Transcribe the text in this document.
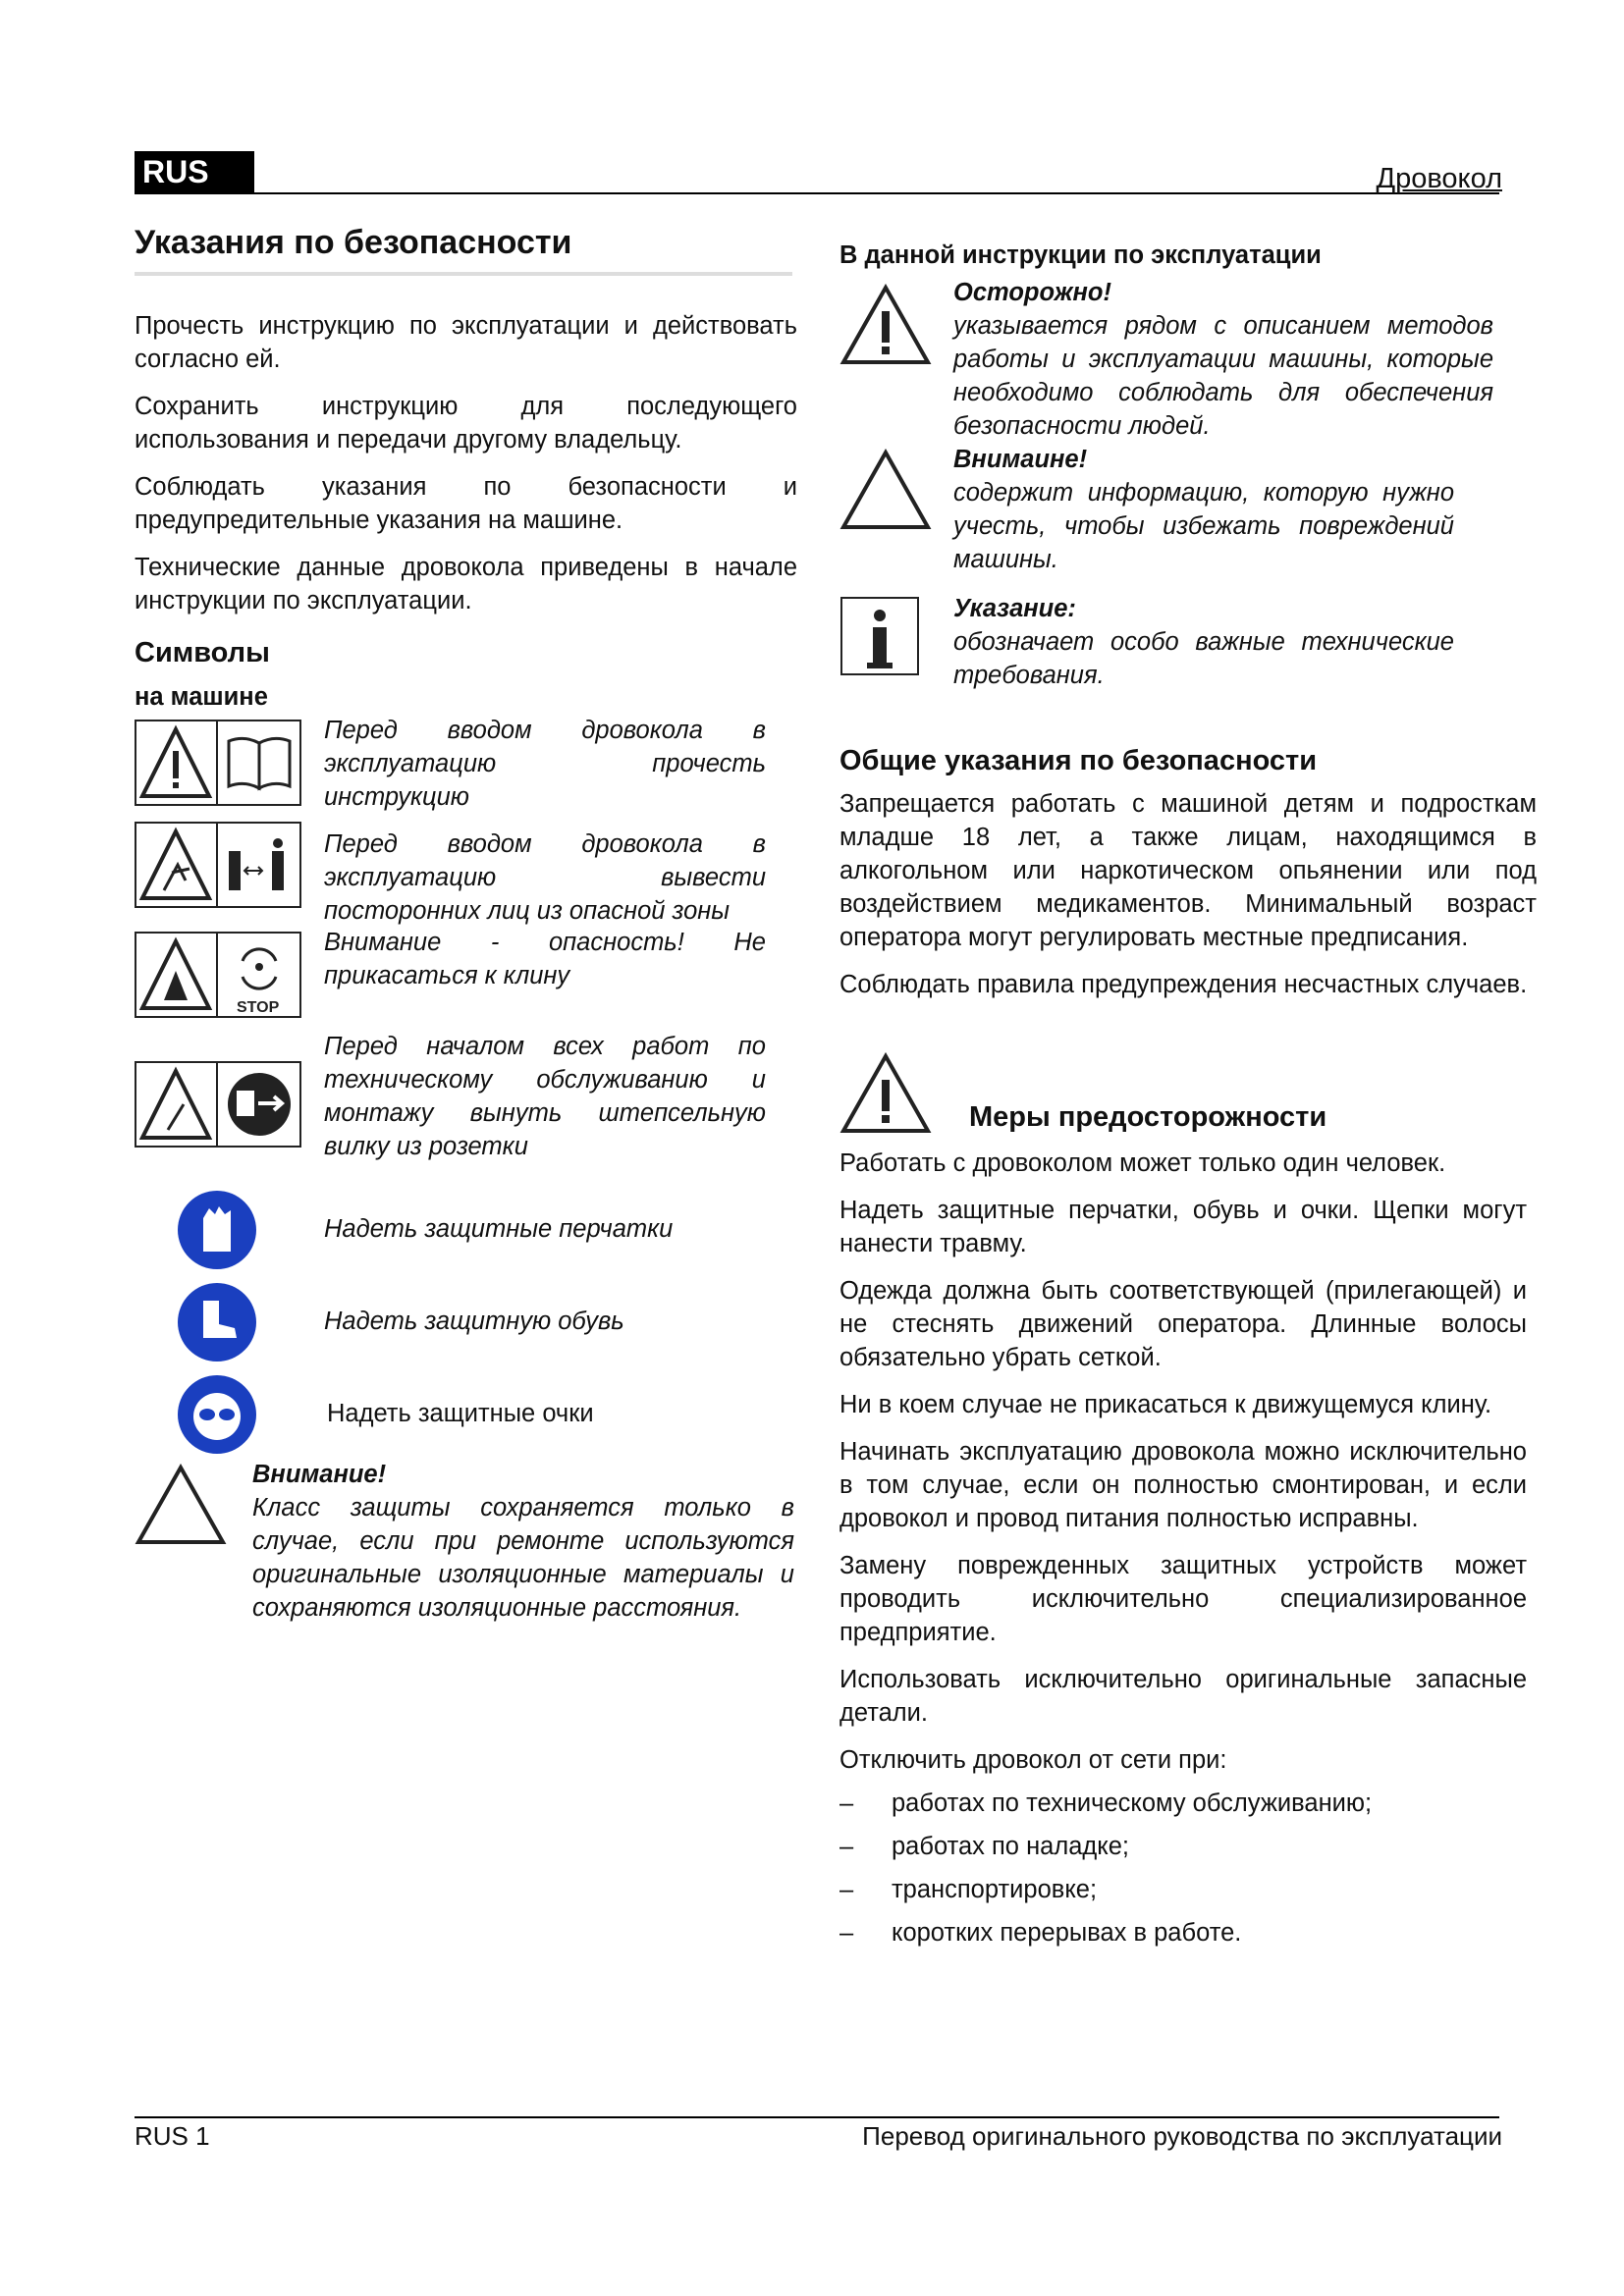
RUS	Дровокол
Указания по безопасности

Прочесть инструкцию по эксплуатации и действовать согласно ей.

Сохранить инструкцию для последующего использования и передачи другому владельцу.

Соблюдать указания по безопасности и предупредительные указания на машине.

Технические данные дровокола приведены в начале инструкции по эксплуатации.

Символы
на машине
Перед вводом дровокола в эксплуатацию прочесть инструкцию
Перед вводом дровокола в эксплуатацию вывести посторонних лиц из опасной зоны
STOP
Внимание - опасность! Не прикасаться к клину
Перед началом всех работ по техническому обслуживанию и монтажу вынуть штепсельную вилку из розетки
Надеть защитные перчатки
Надеть защитную обувь
Надеть защитные очки

Внимание!

Класс защиты сохраняется только в случае, если при ремонте используются оригинальные изоляционные материалы и сохраняются изоляционные расстояния.

В данной инструкции по эксплуатации

Осторожно!

указывается рядом с описанием методов работы и эксплуатации машины, которые необходимо соблюдать для обеспечения безопасности людей.

Внимаине!

содержит информацию, которую нужно учесть, чтобы избежать повреждений машины.

Указание:

обозначает особо важные технические требования.

Общие указания по безопасности

Запрещается работать с машиной детям и подросткам младше 18 лет, а также лицам, находящимся в алкогольном или наркотическом опьянении или под воздействием медикаментов. Минимальный возраст оператора могут регулировать местные предписания.

Соблюдать правила предупреждения несчастных случаев.

Меры предосторожности

Работать с дровоколом может только один человек.

Надеть защитные перчатки, обувь и очки. Щепки могут нанести травму.

Одежда должна быть соответствующей (прилегающей) и не стеснять движений оператора. Длинные волосы обязательно убрать сеткой.

Ни в коем случае не прикасаться к движущемуся клину.

Начинать эксплуатацию дровокола можно исключительно в том случае, если он полностью смонтирован, и если дровокол и провод питания полностью исправны.

Замену поврежденных защитных устройств может проводить исключительно специализированное предприятие.

Использовать исключительно оригинальные запасные детали.

Отключить дровокол от сети при:

– работах по техническому обслуживанию;
– работах по наладке;
– транспортировке;
– коротких перерывах в работе.
RUS 1	Перевод оригинального руководства по эксплуатации
